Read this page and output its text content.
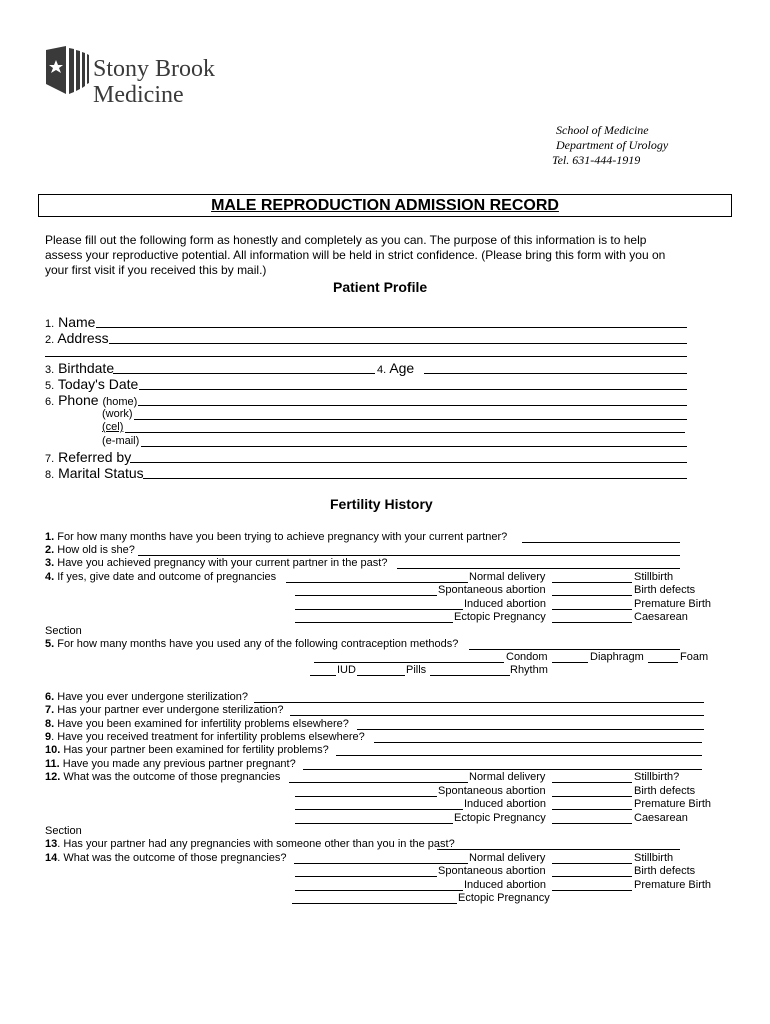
Stony Brook
Medicine
School of Medicine
Department of Urology
Tel. 631-444-1919
MALE REPRODUCTION ADMISSION RECORD
Please fill out the following form as honestly and completely as you can. The purpose of this information is to help
assess your reproductive potential. All information will be held in strict confidence. (Please bring this form with you on
your first visit if you received this by mail.)
Patient Profile
1. Name
2. Address
3. Birthdate	4. Age
5. Today's Date
6. Phone (home)
(work)
(cel)
(e-mail)
7. Referred by
8. Marital Status
Fertility History
1. For how many months have you been trying to achieve pregnancy with your current partner?
2. How old is she?
3. Have you achieved pregnancy with your current partner in the past?
4. If yes, give date and outcome of pregnancies	Normal delivery	Stillbirth
Spontaneous abortion	Birth defects
Induced abortion	Premature Birth
Ectopic Pregnancy	Caesarean
Section
5. For how many months have you used any of the following contraception methods?
Condom	Diaphragm	Foam
IUD	Pills	Rhythm
6. Have you ever undergone sterilization?
7. Has your partner ever undergone sterilization?
8. Have you been examined for infertility problems elsewhere?
9. Have you received treatment for infertility problems elsewhere?
10. Has your partner been examined for fertility problems?
11. Have you made any previous partner pregnant?
12. What was the outcome of those pregnancies	Normal delivery	Stillbirth?
Spontaneous abortion	Birth defects
Induced abortion	Premature Birth
Ectopic Pregnancy	Caesarean
Section
13. Has your partner had any pregnancies with someone other than you in the past?
14. What was the outcome of those pregnancies?	Normal delivery	Stillbirth
Spontaneous abortion	Birth defects
Induced abortion	Premature Birth
Ectopic Pregnancy
